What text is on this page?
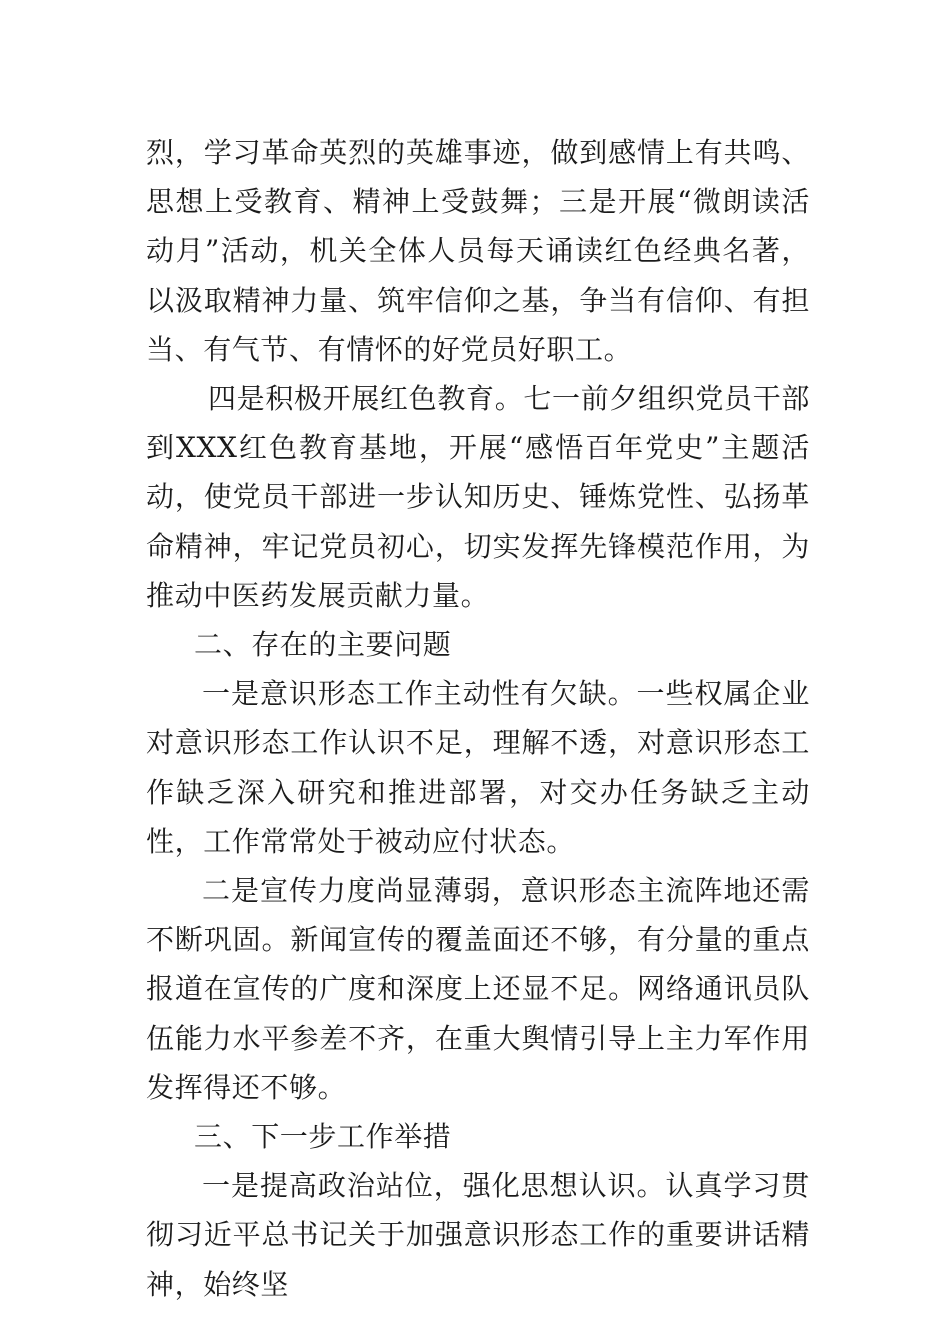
烈，学习革命英烈的英雄事迹，做到感情上有共鸣、思想上受教育、精神上受鼓舞；三是开展“微朗读活动月”活动，机关全体人员每天诵读红色经典名著，以汲取精神力量、筑牢信仰之基，争当有信仰、有担当、有气节、有情怀的好党员好职工。

四是积极开展红色教育。七一前夕组织党员干部到XXX红色教育基地，开展“感悟百年党史”主题活动，使党员干部进一步认知历史、锤炼党性、弘扬革命精神，牢记党员初心，切实发挥先锋模范作用，为推动中医药发展贡献力量。

二、存在的主要问题

一是意识形态工作主动性有欠缺。一些权属企业对意识形态工作认识不足，理解不透，对意识形态工作缺乏深入研究和推进部署，对交办任务缺乏主动性，工作常常处于被动应付状态。

二是宣传力度尚显薄弱，意识形态主流阵地还需不断巩固。新闻宣传的覆盖面还不够，有分量的重点报道在宣传的广度和深度上还显不足。网络通讯员队伍能力水平参差不齐，在重大舆情引导上主力军作用发挥得还不够。

三、下一步工作举措

一是提高政治站位，强化思想认识。认真学习贯彻习近平总书记关于加强意识形态工作的重要讲话精神，始终坚
